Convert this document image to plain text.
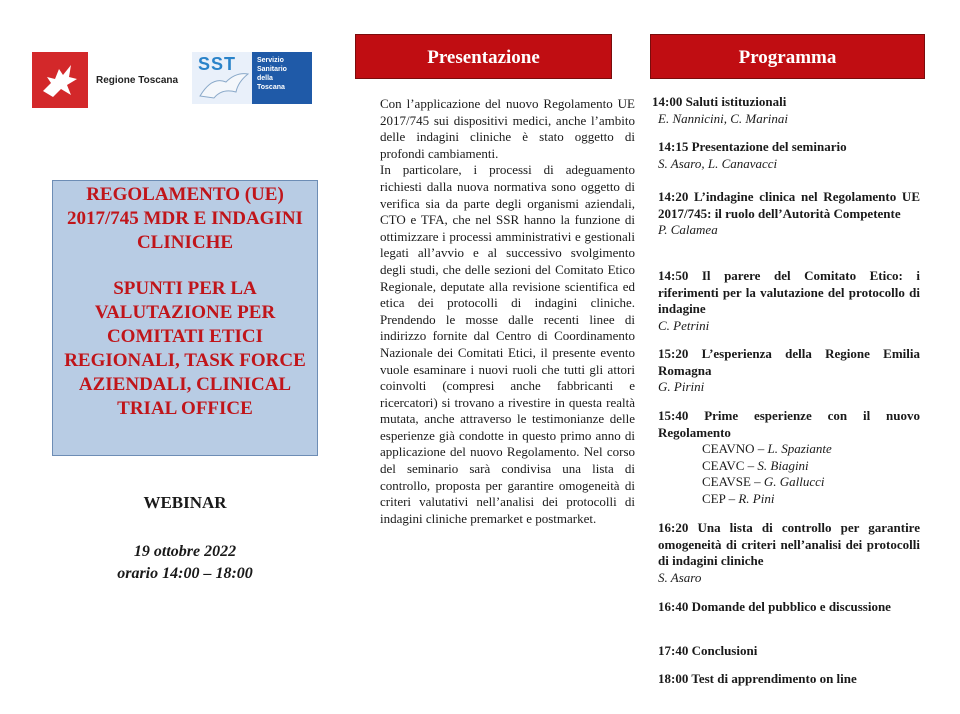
Regione Toscana
SST	Servizio
Sanitario
della
Toscana
REGOLAMENTO (UE) 2017/745 MDR E INDAGINI CLINICHE
SPUNTI PER LA VALUTAZIONE PER COMITATI ETICI REGIONALI, TASK FORCE AZIENDALI, CLINICAL TRIAL OFFICE
WEBINAR
19 ottobre 2022
orario 14:00 – 18:00
Presentazione

Con l’applicazione del nuovo Regolamento UE 2017/745 sui dispositivi medici, anche l’ambito delle indagini cliniche è stato oggetto di profondi cambiamenti.

In particolare, i processi di adeguamento richiesti dalla nuova normativa sono oggetto di verifica sia da parte degli organismi aziendali, CTO e TFA, che nel SSR hanno la funzione di ottimizzare i processi amministrativi e gestionali legati all’avvio e al successivo svolgimento degli studi, che delle sezioni del Comitato Etico Regionale, deputate alla revisione scientifica ed etica dei protocolli di indagini cliniche. Prendendo le mosse dalle recenti linee di indirizzo fornite dal Centro di Coordinamento Nazionale dei Comitati Etici, il presente evento vuole esaminare i nuovi ruoli che tutti gli attori coinvolti (compresi anche fabbricanti e ricercatori) si trovano a rivestire in questa realtà mutata, anche attraverso le testimonianze delle esperienze già condotte in questo primo anno di applicazione del nuovo Regolamento. Nel corso del seminario sarà condivisa una lista di controllo, proposta per garantire omogeneità di criteri valutativi nell’analisi dei protocolli di indagini cliniche premarket e postmarket.

Programma
14:00 Saluti istituzionali
E. Nannicini, C. Marinai
14:15 Presentazione del seminario
S. Asaro, L. Canavacci
14:20 L’indagine clinica nel Regolamento UE 2017/745: il ruolo dell’Autorità Competente
P. Calamea
14:50 Il parere del Comitato Etico: i riferimenti per la valutazione del protocollo di indagine
C. Petrini
15:20 L’esperienza della Regione Emilia Romagna
G. Pirini
15:40 Prime esperienze con il nuovo Regolamento
CEAVNO – L. Spaziante
CEAVC – S. Biagini
CEAVSE – G. Gallucci
CEP – R. Pini
16:20 Una lista di controllo per garantire omogeneità di criteri nell’analisi dei protocolli di indagini cliniche
S. Asaro
16:40 Domande del pubblico e discussione
17:40 Conclusioni
18:00 Test di apprendimento on line
